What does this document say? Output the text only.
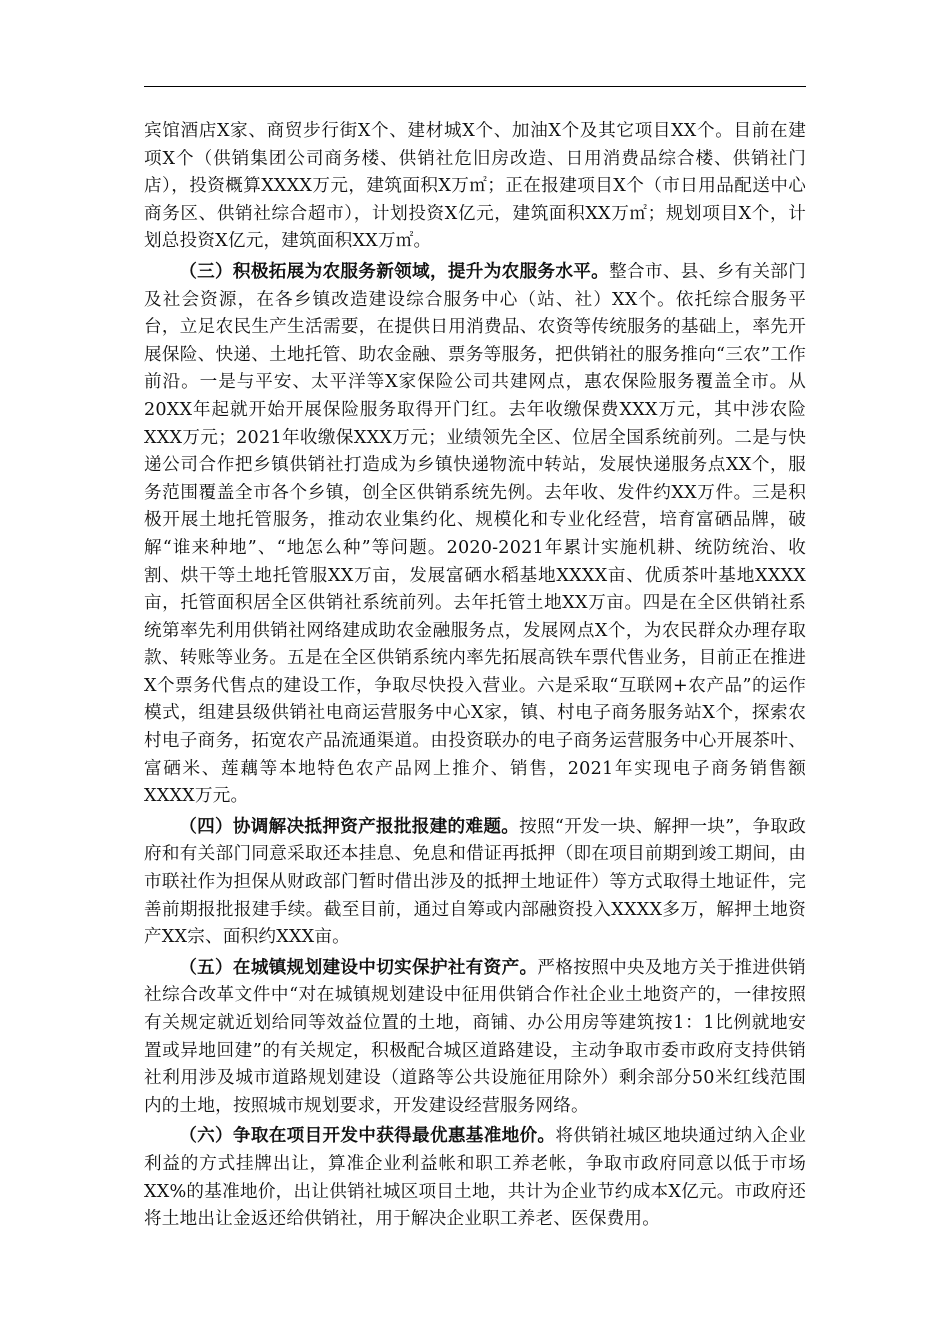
宾馆酒店X家、商贸步行街X个、建材城X个、加油X个及其它项目XX个。目前在建项X个（供销集团公司商务楼、供销社危旧房改造、日用消费品综合楼、供销社门店），投资概算XXXX万元，建筑面积X万㎡；正在报建项目X个（市日用品配送中心商务区、供销社综合超市），计划投资X亿元，建筑面积XX万㎡；规划项目X个，计划总投资X亿元，建筑面积XX万㎡。

（三）积极拓展为农服务新领域，提升为农服务水平。整合市、县、乡有关部门及社会资源，在各乡镇改造建设综合服务中心（站、社）XX个。依托综合服务平台，立足农民生产生活需要，在提供日用消费品、农资等传统服务的基础上，率先开展保险、快递、土地托管、助农金融、票务等服务，把供销社的服务推向“三农”工作前沿。一是与平安、太平洋等X家保险公司共建网点，惠农保险服务覆盖全市。从20XX年起就开始开展保险服务取得开门红。去年收缴保费XXX万元，其中涉农险XXX万元；2021年收缴保XXX万元；业绩领先全区、位居全国系统前列。二是与快递公司合作把乡镇供销社打造成为乡镇快递物流中转站，发展快递服务点XX个，服务范围覆盖全市各个乡镇，创全区供销系统先例。去年收、发件约XX万件。三是积极开展土地托管服务，推动农业集约化、规模化和专业化经营，培育富硒品牌，破解“谁来种地”、“地怎么种”等问题。2020-2021年累计实施机耕、统防统治、收割、烘干等土地托管服XX万亩，发展富硒水稻基地XXXX亩、优质茶叶基地XXXX亩，托管面积居全区供销社系统前列。去年托管土地XX万亩。四是在全区供销社系统第率先利用供销社网络建成助农金融服务点，发展网点X个，为农民群众办理存取款、转账等业务。五是在全区供销系统内率先拓展高铁车票代售业务，目前正在推进X个票务代售点的建设工作，争取尽快投入营业。六是采取“互联网+农产品”的运作模式，组建县级供销社电商运营服务中心X家，镇、村电子商务服务站X个，探索农村电子商务，拓宽农产品流通渠道。由投资联办的电子商务运营服务中心开展茶叶、富硒米、莲藕等本地特色农产品网上推介、销售，2021年实现电子商务销售额XXXX万元。

（四）协调解决抵押资产报批报建的难题。按照“开发一块、解押一块”，争取政府和有关部门同意采取还本挂息、免息和借证再抵押（即在项目前期到竣工期间，由市联社作为担保从财政部门暂时借出涉及的抵押土地证件）等方式取得土地证件，完善前期报批报建手续。截至目前，通过自筹或内部融资投入XXXX多万，解押土地资产XX宗、面积约XXX亩。

（五）在城镇规划建设中切实保护社有资产。严格按照中央及地方关于推进供销社综合改革文件中“对在城镇规划建设中征用供销合作社企业土地资产的，一律按照有关规定就近划给同等效益位置的土地，商铺、办公用房等建筑按1：1比例就地安置或异地回建”的有关规定，积极配合城区道路建设，主动争取市委市政府支持供销社利用涉及城市道路规划建设（道路等公共设施征用除外）剩余部分50米红线范围内的土地，按照城市规划要求，开发建设经营服务网络。

（六）争取在项目开发中获得最优惠基准地价。将供销社城区地块通过纳入企业利益的方式挂牌出让，算准企业利益帐和职工养老帐，争取市政府同意以低于市场XX%的基准地价，出让供销社城区项目土地，共计为企业节约成本X亿元。市政府还将土地出让金返还给供销社，用于解决企业职工养老、医保费用。
